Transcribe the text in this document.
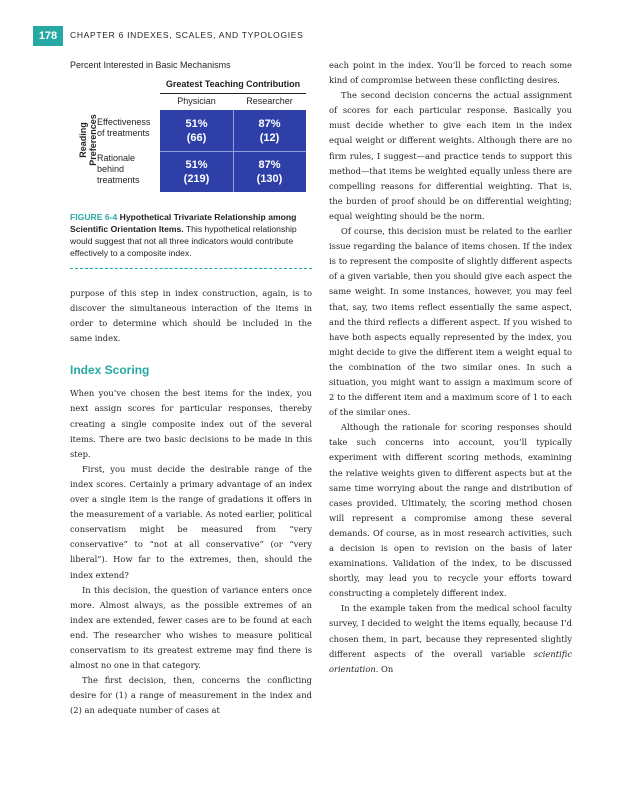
178	CHAPTER 6 INDEXES, SCALES, AND TYPOLOGIES
Percent Interested in Basic Mechanisms
Greatest Teaching Contribution
Physician	Researcher
Reading Preferences Effectiveness
of treatments
Rationale
behind
treatments
51%
(66)
87%
(12)
51%
(219)
87%
(130)
FIGURE 6-4 Hypothetical Trivariate Relationship among Scientific Orientation Items. This hypothetical relationship would suggest that not all three indicators would contribute effectively to a composite index.

purpose of this step in index construction, again, is to discover the simultaneous interaction of the items in order to determine which should be included in the same index.

Index Scoring

When you’ve chosen the best items for the index, you next assign scores for particular responses, thereby creating a single composite index out of the several items. There are two basic decisions to be made in this step.

First, you must decide the desirable range of the index scores. Certainly a primary advantage of an index over a single item is the range of gradations it offers in the measurement of a variable. As noted earlier, political conservatism might be measured from “very conservative” to “not at all conservative” (or “very liberal”). How far to the extremes, then, should the index extend?

In this decision, the question of variance enters once more. Almost always, as the possible extremes of an index are extended, fewer cases are to be found at each end. The researcher who wishes to measure political conservatism to its greatest extreme may find there is almost no one in that category.

The first decision, then, concerns the conflicting desire for (1) a range of measurement in the index and (2) an adequate number of cases at

each point in the index. You’ll be forced to reach some kind of compromise between these conflicting desires.

The second decision concerns the actual assignment of scores for each particular response. Basically you must decide whether to give each item in the index equal weight or different weights. Although there are no firm rules, I suggest—and practice tends to support this method—that items be weighted equally unless there are compelling reasons for differential weighting. That is, the burden of proof should be on differential weighting; equal weighting should be the norm.

Of course, this decision must be related to the earlier issue regarding the balance of items chosen. If the index is to represent the composite of slightly different aspects of a given variable, then you should give each aspect the same weight. In some instances, however, you may feel that, say, two items reflect essentially the same aspect, and the third reflects a different aspect. If you wished to have both aspects equally represented by the index, you might decide to give the different item a weight equal to the combination of the two similar ones. In such a situation, you might want to assign a maximum score of 2 to the different item and a maximum score of 1 to each of the similar ones.

Although the rationale for scoring responses should take such concerns into account, you’ll typically experiment with different scoring methods, examining the relative weights given to different aspects but at the same time worrying about the range and distribution of cases provided. Ultimately, the scoring method chosen will represent a compromise among these several demands. Of course, as in most research activities, such a decision is open to revision on the basis of later examinations. Validation of the index, to be discussed shortly, may lead you to recycle your efforts toward constructing a completely different index.

In the example taken from the medical school faculty survey, I decided to weight the items equally, because I’d chosen them, in part, because they represented slightly different aspects of the overall variable scientific orientation. On
